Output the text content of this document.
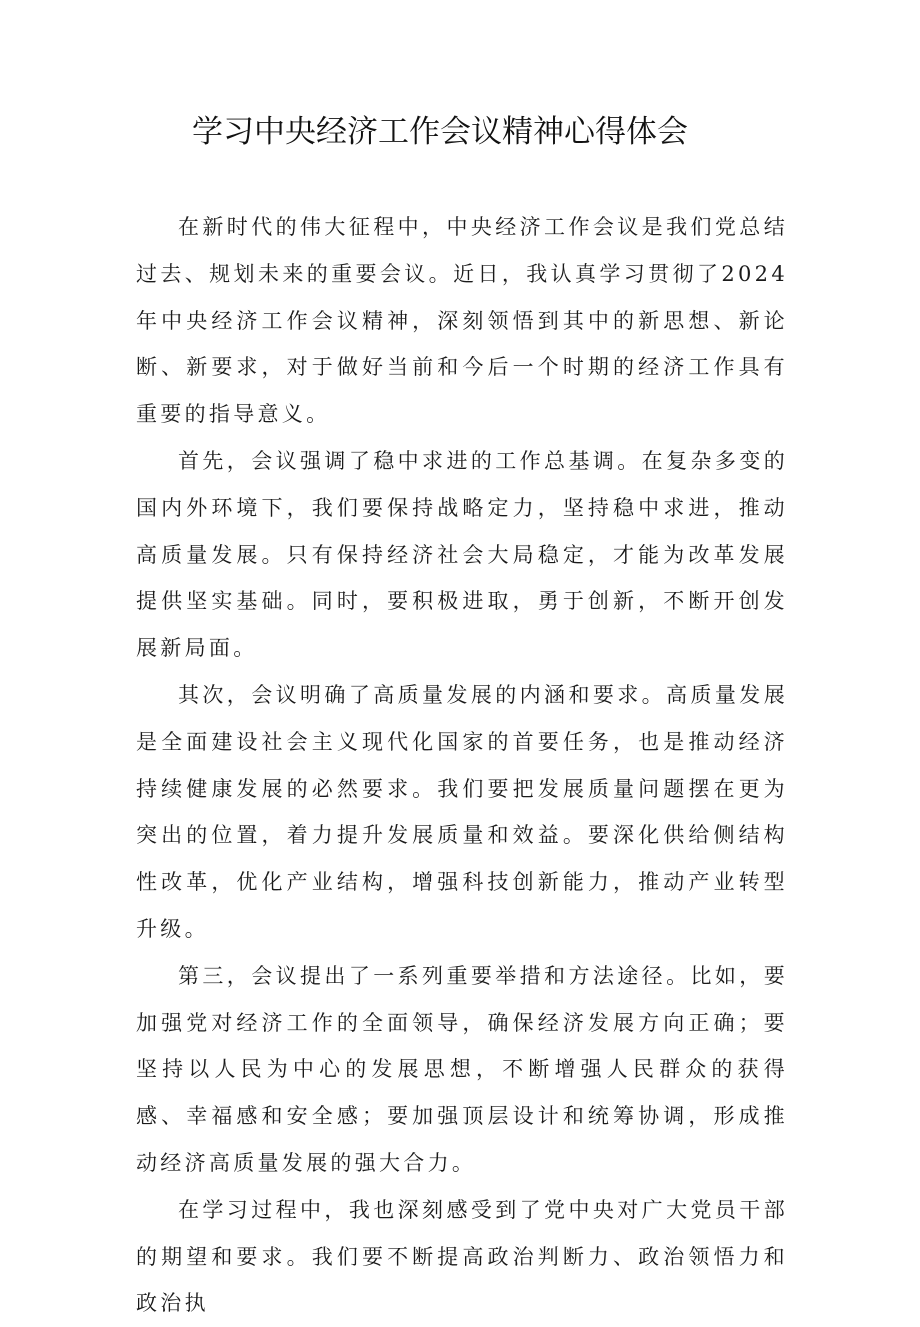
学习中央经济工作会议精神心得体会

在新时代的伟大征程中，中央经济工作会议是我们党总结过去、规划未来的重要会议。近日，我认真学习贯彻了2024年中央经济工作会议精神，深刻领悟到其中的新思想、新论断、新要求，对于做好当前和今后一个时期的经济工作具有重要的指导意义。

首先，会议强调了稳中求进的工作总基调。在复杂多变的国内外环境下，我们要保持战略定力，坚持稳中求进，推动高质量发展。只有保持经济社会大局稳定，才能为改革发展提供坚实基础。同时，要积极进取，勇于创新，不断开创发展新局面。

其次，会议明确了高质量发展的内涵和要求。高质量发展是全面建设社会主义现代化国家的首要任务，也是推动经济持续健康发展的必然要求。我们要把发展质量问题摆在更为突出的位置，着力提升发展质量和效益。要深化供给侧结构性改革，优化产业结构，增强科技创新能力，推动产业转型升级。

第三，会议提出了一系列重要举措和方法途径。比如，要加强党对经济工作的全面领导，确保经济发展方向正确；要坚持以人民为中心的发展思想，不断增强人民群众的获得感、幸福感和安全感；要加强顶层设计和统筹协调，形成推动经济高质量发展的强大合力。

在学习过程中，我也深刻感受到了党中央对广大党员干部的期望和要求。我们要不断提高政治判断力、政治领悟力和政治执
